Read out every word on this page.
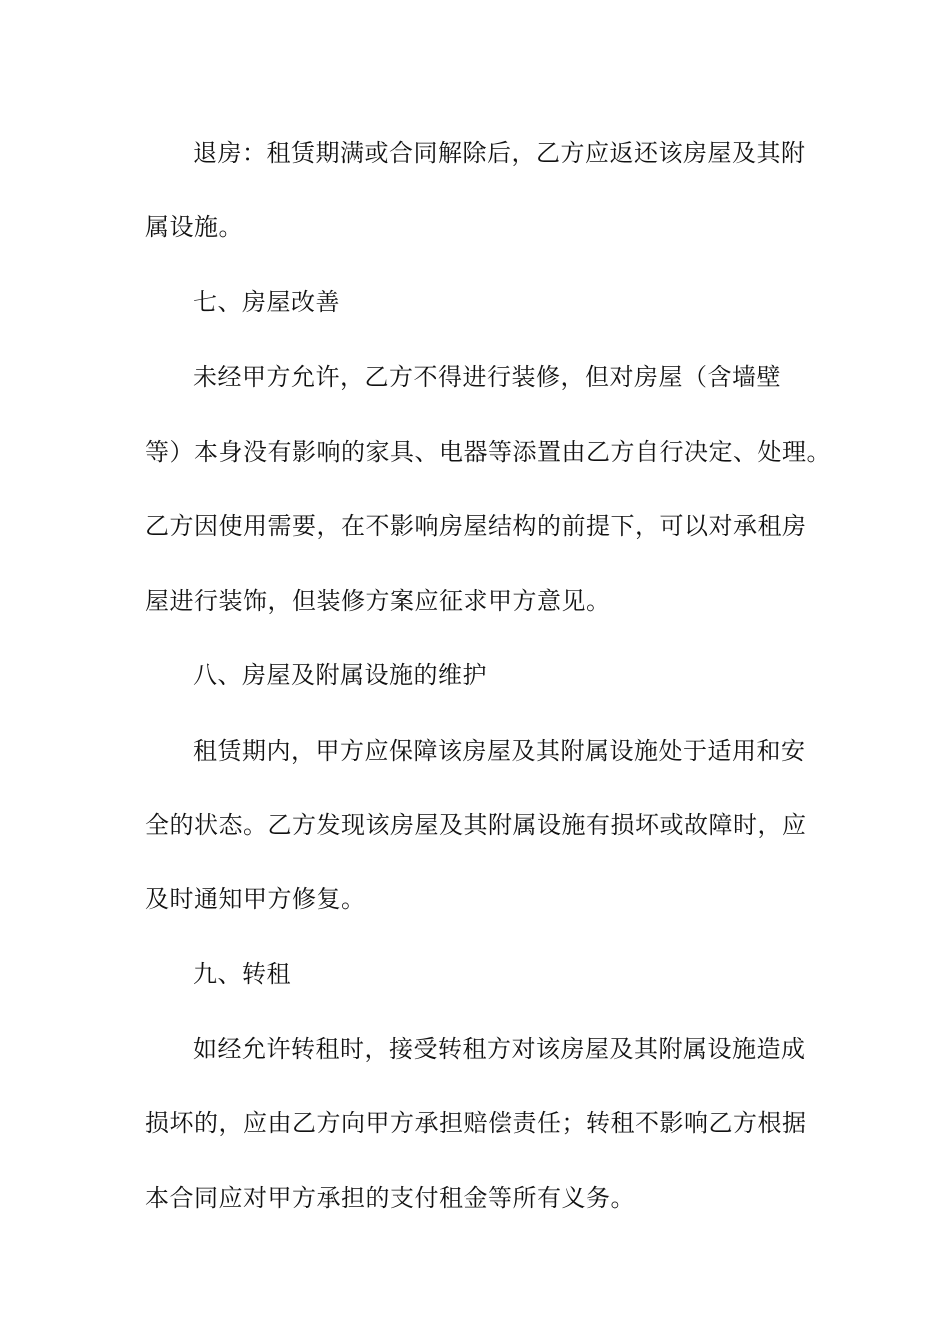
退房：租赁期满或合同解除后，乙方应返还该房屋及其附
属设施。
七、房屋改善
未经甲方允许，乙方不得进行装修，但对房屋（含墙壁
等）本身没有影响的家具、电器等添置由乙方自行决定、处理。
乙方因使用需要，在不影响房屋结构的前提下，可以对承租房
屋进行装饰，但装修方案应征求甲方意见。
八、房屋及附属设施的维护
租赁期内，甲方应保障该房屋及其附属设施处于适用和安
全的状态。乙方发现该房屋及其附属设施有损坏或故障时，应
及时通知甲方修复。
九、转租
如经允许转租时，接受转租方对该房屋及其附属设施造成
损坏的，应由乙方向甲方承担赔偿责任；转租不影响乙方根据
本合同应对甲方承担的支付租金等所有义务。
